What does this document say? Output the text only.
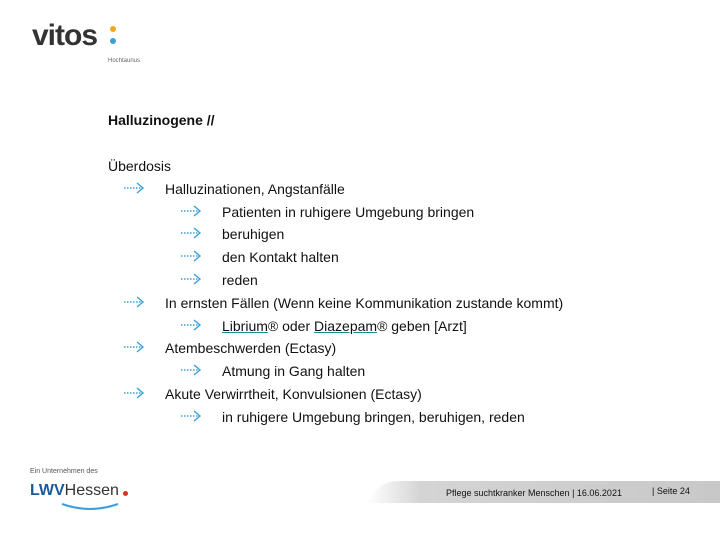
vitos
Hochtaunus
Halluzinogene //
Überdosis
Halluzinationen, Angstanfälle
Patienten in ruhigere Umgebung bringen
beruhigen
den Kontakt halten
reden
In ernsten Fällen (Wenn keine Kommunikation zustande kommt)
Librium® oder Diazepam® geben [Arzt]
Atembeschwerden (Ectasy)
Atmung in Gang halten
Akute Verwirrtheit, Konvulsionen (Ectasy)
in ruhigere Umgebung bringen, beruhigen, reden
Ein Unternehmen des
LWVHessen	Pflege suchtkranker Menschen | 16.06.2021	| Seite 24
